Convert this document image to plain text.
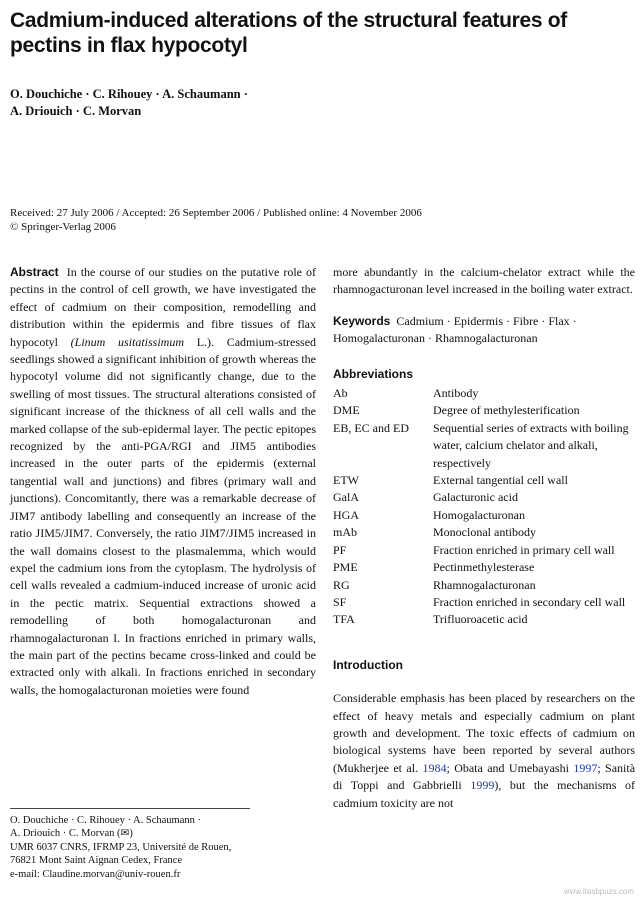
Cadmium-induced alterations of the structural features of pectins in flax hypocotyl
O. Douchiche · C. Rihouey · A. Schaumann ·
A. Driouich · C. Morvan
Received: 27 July 2006 / Accepted: 26 September 2006 / Published online: 4 November 2006
© Springer-Verlag 2006
Abstract In the course of our studies on the putative role of pectins in the control of cell growth, we have investigated the effect of cadmium on their composition, remodelling and distribution within the epidermis and fibre tissues of flax hypocotyl (Linum usitatissimum L.). Cadmium-stressed seedlings showed a significant inhibition of growth whereas the hypocotyl volume did not significantly change, due to the swelling of most tissues. The structural alterations consisted of significant increase of the thickness of all cell walls and the marked collapse of the sub-epidermal layer. The pectic epitopes recognized by the anti-PGA/RGI and JIM5 antibodies increased in the outer parts of the epidermis (external tangential wall and junctions) and fibres (primary wall and junctions). Concomitantly, there was a remarkable decrease of JIM7 antibody labelling and consequently an increase of the ratio JIM5/JIM7. Conversely, the ratio JIM7/JIM5 increased in the wall domains closest to the plasmalemma, which would expel the cadmium ions from the cytoplasm. The hydrolysis of cell walls revealed a cadmium-induced increase of uronic acid in the pectic matrix. Sequential extractions showed a remodelling of both homogalacturonan and rhamnogalacturonan I. In fractions enriched in primary walls, the main part of the pectins became cross-linked and could be extracted only with alkali. In fractions enriched in secondary walls, the homogalacturonan moieties were found
more abundantly in the calcium-chelator extract while the rhamnogacturonan level increased in the boiling water extract.
Keywords Cadmium · Epidermis · Fibre · Flax · Homogalacturonan · Rhamnogalacturonan
Abbreviations
Ab	Antibody
DME	Degree of methylesterification
EB, EC and ED	Sequential series of extracts with boiling water, calcium chelator and alkali, respectively
ETW	External tangential cell wall
GalA	Galacturonic acid
HGA	Homogalacturonan
mAb	Monoclonal antibody
PF	Fraction enriched in primary cell wall
PME	Pectinmethylesterase
RG	Rhamnogalacturonan
SF	Fraction enriched in secondary cell wall
TFA	Trifluoroacetic acid
Introduction
Considerable emphasis has been placed by researchers on the effect of heavy metals and especially cadmium on plant growth and development. The toxic effects of cadmium on biological systems have been reported by several authors (Mukherjee et al. 1984; Obata and Umebayashi 1997; Sanità di Toppi and Gabbrielli 1999), but the mechanisms of cadmium toxicity are not
O. Douchiche · C. Rihouey · A. Schaumann ·
A. Driouich · C. Morvan (✉)
UMR 6037 CNRS, IFRMP 23, Université de Rouen,
76821 Mont Saint Aignan Cedex, France
e-mail: Claudine.morvan@univ-rouen.fr
www.itasbpuzs.com
